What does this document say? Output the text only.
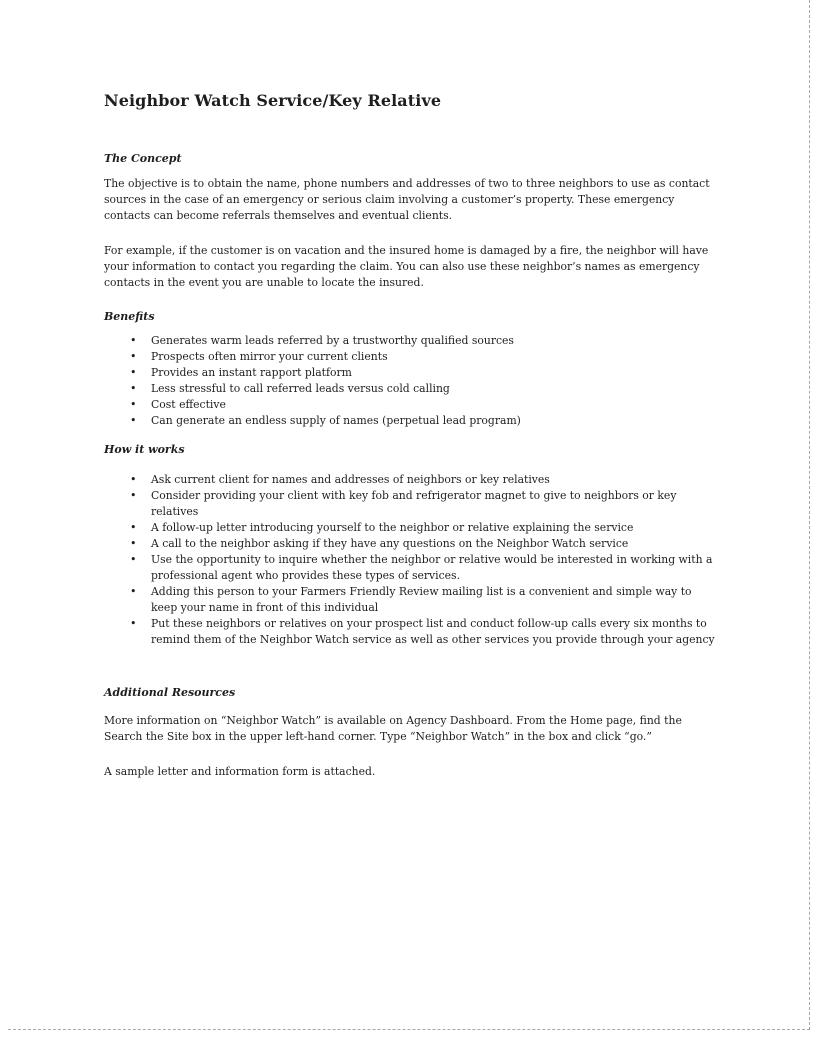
Neighbor Watch Service/Key Relative
The Concept

The objective is to obtain the name, phone numbers and addresses of two to three neighbors to use as contact sources in the case of an emergency or serious claim involving a customer’s property. These emergency contacts can become referrals themselves and eventual clients.

For example, if the customer is on vacation and the insured home is damaged by a fire, the neighbor will have your information to contact you regarding the claim. You can also use these neighbor’s names as emergency contacts in the event you are unable to locate the insured.

Benefits
• Generates warm leads referred by a trustworthy qualified sources
• Prospects often mirror your current clients
• Provides an instant rapport platform
• Less stressful to call referred leads versus cold calling
• Cost effective
• Can generate an endless supply of names (perpetual lead program)
How it works
• Ask current client for names and addresses of neighbors or key relatives
• Consider providing your client with key fob and refrigerator magnet to give to neighbors or key relatives
• A follow-up letter introducing yourself to the neighbor or relative explaining the service
• A call to the neighbor asking if they have any questions on the Neighbor Watch service
• Use the opportunity to inquire whether the neighbor or relative would be interested in working with a professional agent who provides these types of services.
• Adding this person to your Farmers Friendly Review mailing list is a convenient and simple way to keep your name in front of this individual
• Put these neighbors or relatives on your prospect list and conduct follow-up calls every six months to remind them of the Neighbor Watch service as well as other services you provide through your agency
Additional Resources

More information on “Neighbor Watch” is available on Agency Dashboard. From the Home page, find the Search the Site box in the upper left-hand corner. Type “Neighbor Watch” in the box and click “go.”

A sample letter and information form is attached.
